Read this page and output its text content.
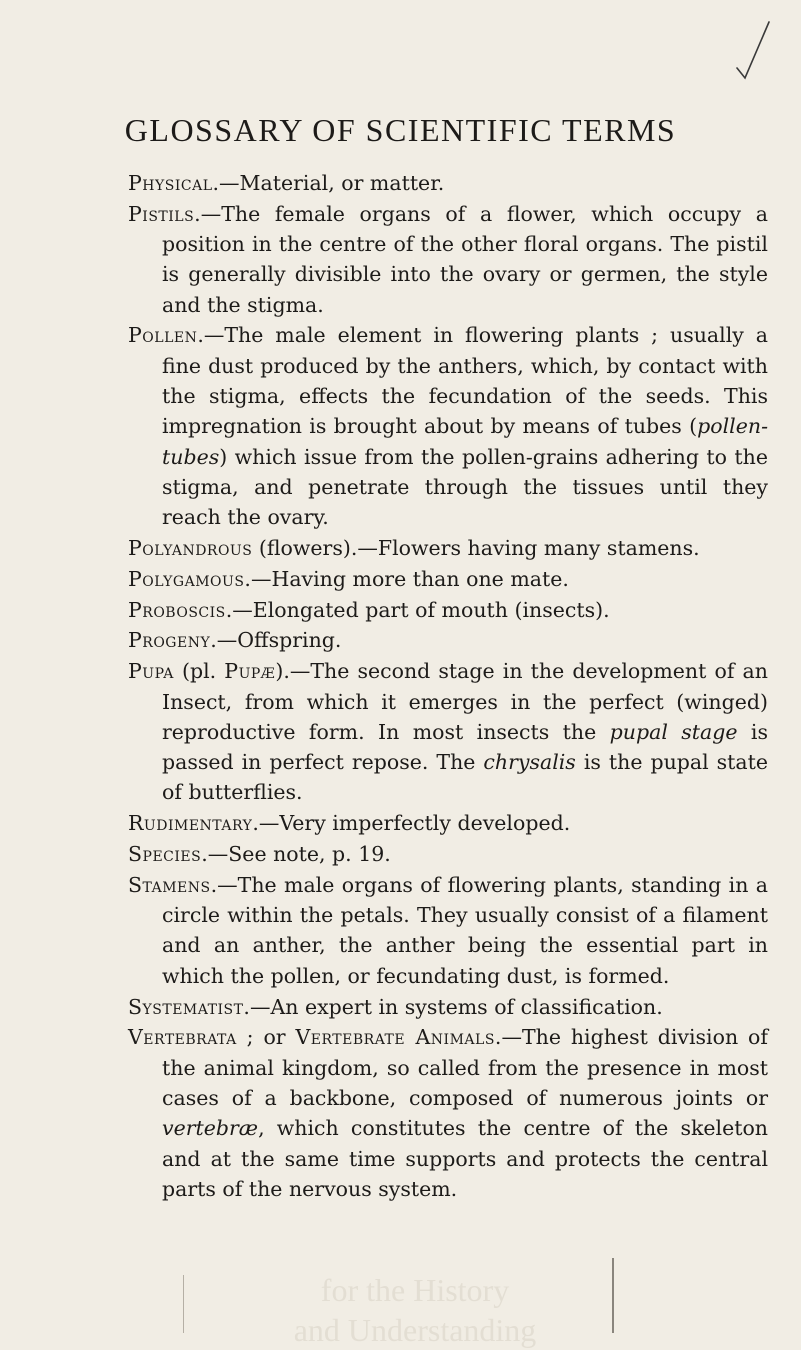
GLOSSARY OF SCIENTIFIC TERMS

Physical.—Material, or matter.

Pistils.—The female organs of a flower, which occupy a position in the centre of the other floral organs. The pistil is generally divisible into the ovary or germen, the style and the stigma.

Pollen.—The male element in flowering plants ; usually a fine dust produced by the anthers, which, by contact with the stigma, effects the fecundation of the seeds. This impregnation is brought about by means of tubes (pollen-tubes) which issue from the pollen-grains adhering to the stigma, and penetrate through the tissues until they reach the ovary.

Polyandrous (flowers).—Flowers having many stamens.

Polygamous.—Having more than one mate.

Proboscis.—Elongated part of mouth (insects).

Progeny.—Offspring.

Pupa (pl. Pupæ).—The second stage in the development of an Insect, from which it emerges in the perfect (winged) reproductive form. In most insects the pupal stage is passed in perfect repose. The chrysalis is the pupal state of butterflies.

Rudimentary.—Very imperfectly developed.

Species.—See note, p. 19.

Stamens.—The male organs of flowering plants, standing in a circle within the petals. They usually consist of a filament and an anther, the anther being the essential part in which the pollen, or fecundating dust, is formed.

Systematist.—An expert in systems of classification.

Vertebrata ; or Vertebrate Animals.—The highest division of the animal kingdom, so called from the presence in most cases of a backbone, composed of numerous joints or vertebræ, which constitutes the centre of the skeleton and at the same time supports and protects the central parts of the nervous system.

for the History
and Understanding
